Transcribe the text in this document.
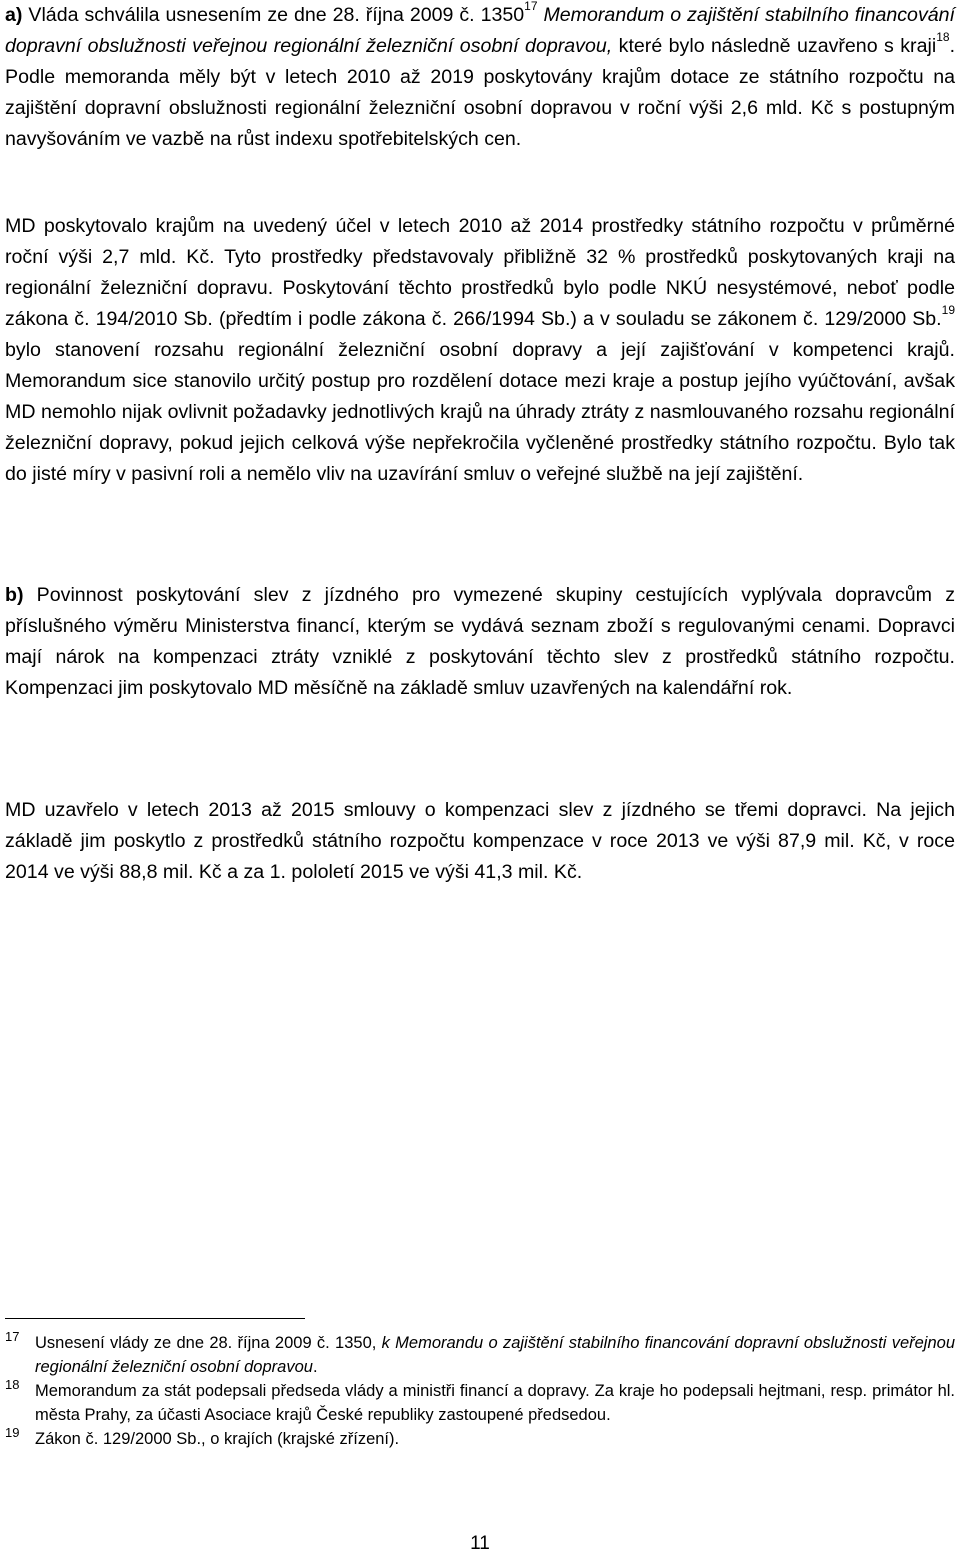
a) Vláda schválila usnesením ze dne 28. října 2009 č. 1350$^{17}$ Memorandum o zajištění stabilního financování dopravní obslužnosti veřejnou regionální železniční osobní dopravou, které bylo následně uzavřeno s kraji$^{18}$. Podle memoranda měly být v letech 2010 až 2019 poskytovány krajům dotace ze státního rozpočtu na zajištění dopravní obslužnosti regionální železniční osobní dopravou v roční výši 2,6 mld. Kč s postupným navyšováním ve vazbě na růst indexu spotřebitelských cen.

MD poskytovalo krajům na uvedený účel v letech 2010 až 2014 prostředky státního rozpočtu v průměrné roční výši 2,7 mld. Kč. Tyto prostředky představovaly přibližně 32 % prostředků poskytovaných kraji na regionální železniční dopravu. Poskytování těchto prostředků bylo podle NKÚ nesystémové, neboť podle zákona č. 194/2010 Sb. (předtím i podle zákona č. 266/1994 Sb.) a v souladu se zákonem č. 129/2000 Sb.$^{19}$ bylo stanovení rozsahu regionální železniční osobní dopravy a její zajišťování v kompetenci krajů. Memorandum sice stanovilo určitý postup pro rozdělení dotace mezi kraje a postup jejího vyúčtování, avšak MD nemohlo nijak ovlivnit požadavky jednotlivých krajů na úhrady ztráty z nasmlouvaného rozsahu regionální železniční dopravy, pokud jejich celková výše nepřekročila vyčleněné prostředky státního rozpočtu. Bylo tak do jisté míry v pasivní roli a nemělo vliv na uzavírání smluv o veřejné službě na její zajištění.

b) Povinnost poskytování slev z jízdného pro vymezené skupiny cestujících vyplývala dopravcům z příslušného výměru Ministerstva financí, kterým se vydává seznam zboží s regulovanými cenami. Dopravci mají nárok na kompenzaci ztráty vzniklé z poskytování těchto slev z prostředků státního rozpočtu. Kompenzaci jim poskytovalo MD měsíčně na základě smluv uzavřených na kalendářní rok.

MD uzavřelo v letech 2013 až 2015 smlouvy o kompenzaci slev z jízdného se třemi dopravci. Na jejich základě jim poskytlo z prostředků státního rozpočtu kompenzace v roce 2013 ve výši 87,9 mil. Kč, v roce 2014 ve výši 88,8 mil. Kč a za 1. pololetí 2015 ve výši 41,3 mil. Kč.

17 Usnesení vlády ze dne 28. října 2009 č. 1350, k Memorandu o zajištění stabilního financování dopravní obslužnosti veřejnou regionální železniční osobní dopravou.
18 Memorandum za stát podepsali předseda vlády a ministři financí a dopravy. Za kraje ho podepsali hejtmani, resp. primátor hl. města Prahy, za účasti Asociace krajů České republiky zastoupené předsedou.
19 Zákon č. 129/2000 Sb., o krajích (krajské zřízení).
11
